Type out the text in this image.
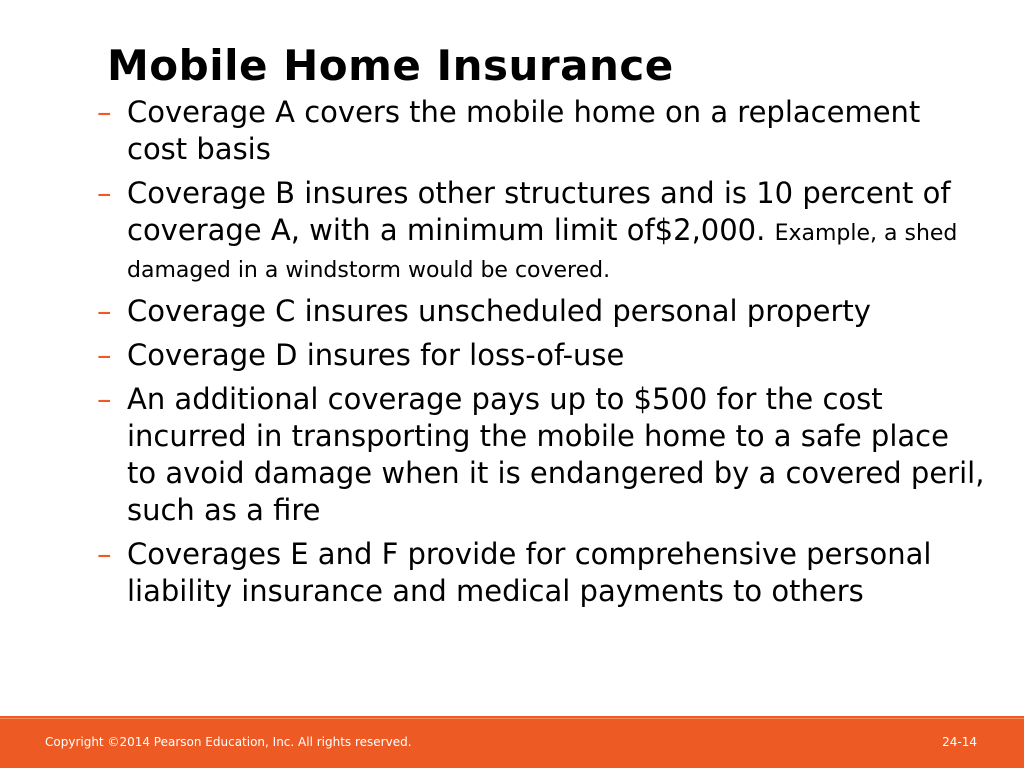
Mobile Home Insurance
– Coverage A covers the mobile home on a replacement cost basis
– Coverage B insures other structures and is 10 percent of coverage A, with a minimum limit of$2,000. Example, a shed damaged in a windstorm would be covered.
– Coverage C insures unscheduled personal property
– Coverage D insures for loss-of-use
– An additional coverage pays up to $500 for the cost incurred in transporting the mobile home to a safe place to avoid damage when it is endangered by a covered peril, such as a fire
– Coverages E and F provide for comprehensive personal liability insurance and medical payments to others
Copyright ©2014 Pearson Education, Inc. All rights reserved.	24-14
